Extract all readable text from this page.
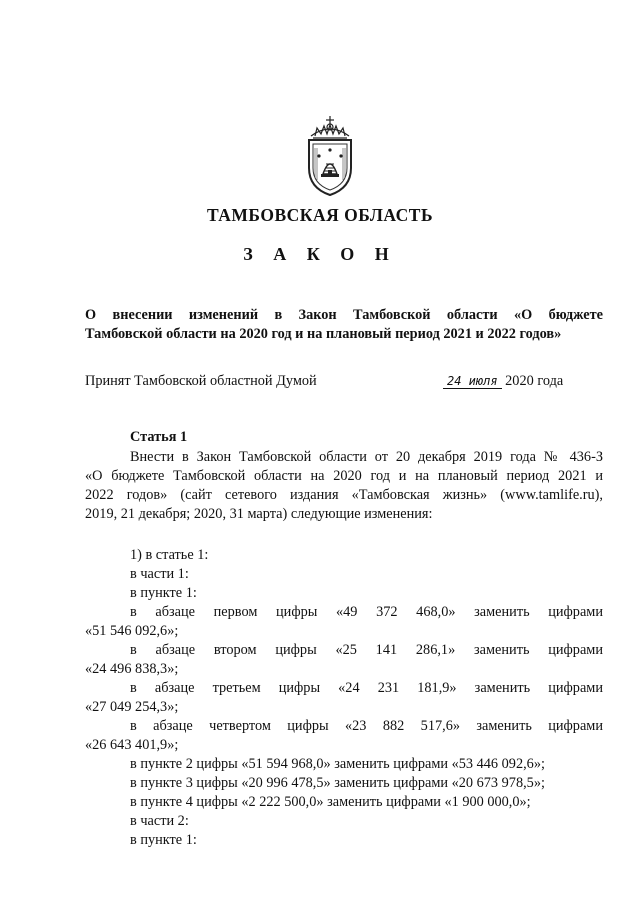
ТАМБОВСКАЯ ОБЛАСТЬ
З А К О Н
О внесении изменений в Закон Тамбовской области «О бюджете
Тамбовской области на 2020 год и на плановый период 2021 и 2022 годов»
Принят Тамбовской областной Думой	24 июля 2020 года
Статья 1
Внести в Закон Тамбовской области от 20 декабря 2019 года № 436-З
«О бюджете Тамбовской области на 2020 год и на плановый период 2021 и
2022 годов» (сайт сетевого издания «Тамбовская жизнь» (www.tamlife.ru),
2019, 21 декабря; 2020, 31 марта) следующие изменения:
1) в статье 1:
в части 1:
в пункте 1:
в абзаце первом цифры «49 372 468,0» заменить цифрами
«51 546 092,6»;
в абзаце втором цифры «25 141 286,1» заменить цифрами
«24 496 838,3»;
в абзаце третьем цифры «24 231 181,9» заменить цифрами
«27 049 254,3»;
в абзаце четвертом цифры «23 882 517,6» заменить цифрами
«26 643 401,9»;
в пункте 2 цифры «51 594 968,0» заменить цифрами «53 446 092,6»;
в пункте 3 цифры «20 996 478,5» заменить цифрами «20 673 978,5»;
в пункте 4 цифры «2 222 500,0» заменить цифрами «1 900 000,0»;
в части 2:
в пункте 1:
